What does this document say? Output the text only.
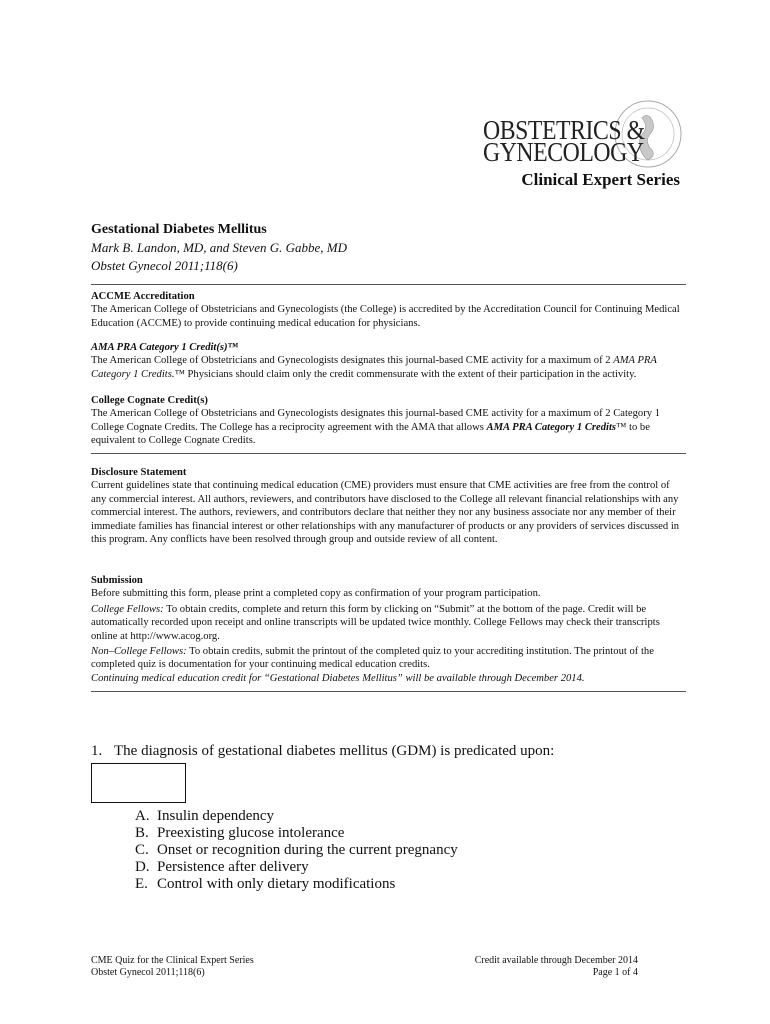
OBSTETRICS &
GYNECOLOGY
Clinical Expert Series
Gestational Diabetes Mellitus
Mark B. Landon, MD, and Steven G. Gabbe, MD
Obstet Gynecol 2011;118(6)

ACCME Accreditation

The American College of Obstetricians and Gynecologists (the College) is accredited by the Accreditation Council for Continuing Medical Education (ACCME) to provide continuing medical education for physicians.

AMA PRA Category 1 Credit(s)™

The American College of Obstetricians and Gynecologists designates this journal-based CME activity for a maximum of 2 AMA PRA Category 1 Credits.™ Physicians should claim only the credit commensurate with the extent of their participation in the activity.

College Cognate Credit(s)

The American College of Obstetricians and Gynecologists designates this journal-based CME activity for a maximum of 2 Category 1 College Cognate Credits. The College has a reciprocity agreement with the AMA that allows AMA PRA Category 1 Credits™ to be equivalent to College Cognate Credits.

Disclosure Statement

Current guidelines state that continuing medical education (CME) providers must ensure that CME activities are free from the control of any commercial interest. All authors, reviewers, and contributors have disclosed to the College all relevant financial relationships with any commercial interest. The authors, reviewers, and contributors declare that neither they nor any business associate nor any member of their immediate families has financial interest or other relationships with any manufacturer of products or any providers of services discussed in this program. Any conflicts have been resolved through group and outside review of all content.

Submission

Before submitting this form, please print a completed copy as confirmation of your program participation.

College Fellows: To obtain credits, complete and return this form by clicking on “Submit” at the bottom of the page. Credit will be automatically recorded upon receipt and online transcripts will be updated twice monthly. College Fellows may check their transcripts online at http://www.acog.org.

Non–College Fellows: To obtain credits, submit the printout of the completed quiz to your accrediting institution. The printout of the completed quiz is documentation for your continuing medical education credits.

Continuing medical education credit for “Gestational Diabetes Mellitus” will be available through December 2014.

1. The diagnosis of gestational diabetes mellitus (GDM) is predicated upon:
A. Insulin dependency
B. Preexisting glucose intolerance
C. Onset or recognition during the current pregnancy
D. Persistence after delivery
E. Control with only dietary modifications
CME Quiz for the Clinical Expert Series
Obstet Gynecol 2011;118(6)
Credit available through December 2014
Page 1 of 4
